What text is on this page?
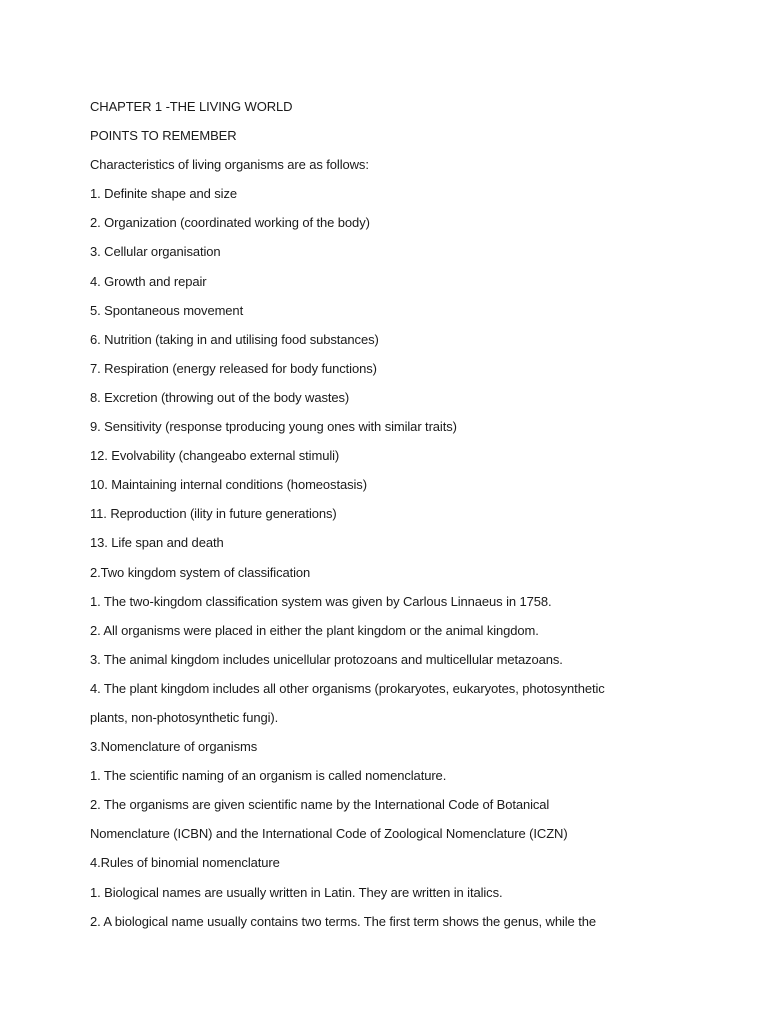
CHAPTER 1 -THE LIVING WORLD
POINTS TO REMEMBER
Characteristics of living organisms are as follows:
1. Definite shape and size
2. Organization (coordinated working of the body)
3. Cellular organisation
4. Growth and repair
5. Spontaneous movement
6. Nutrition (taking in and utilising food substances)
7. Respiration (energy released for body functions)
8. Excretion (throwing out of the body wastes)
9. Sensitivity (response tproducing young ones with similar traits)
12. Evolvability (changeabo external stimuli)
10. Maintaining internal conditions (homeostasis)
11. Reproduction (ility in future generations)
13. Life span and death
2.Two kingdom system of classification
1. The two-kingdom classification system was given by Carlous Linnaeus in 1758.
2. All organisms were placed in either the plant kingdom or the animal kingdom.
3. The animal kingdom includes unicellular protozoans and multicellular metazoans.
4. The plant kingdom includes all other organisms (prokaryotes, eukaryotes, photosynthetic
plants, non-photosynthetic fungi).
3.Nomenclature of organisms
1. The scientific naming of an organism is called nomenclature.
2. The organisms are given scientific name by the International Code of Botanical
Nomenclature (ICBN) and the International Code of Zoological Nomenclature (ICZN)
4.Rules of binomial nomenclature
1. Biological names are usually written in Latin. They are written in italics.
2. A biological name usually contains two terms. The first term shows the genus, while the
